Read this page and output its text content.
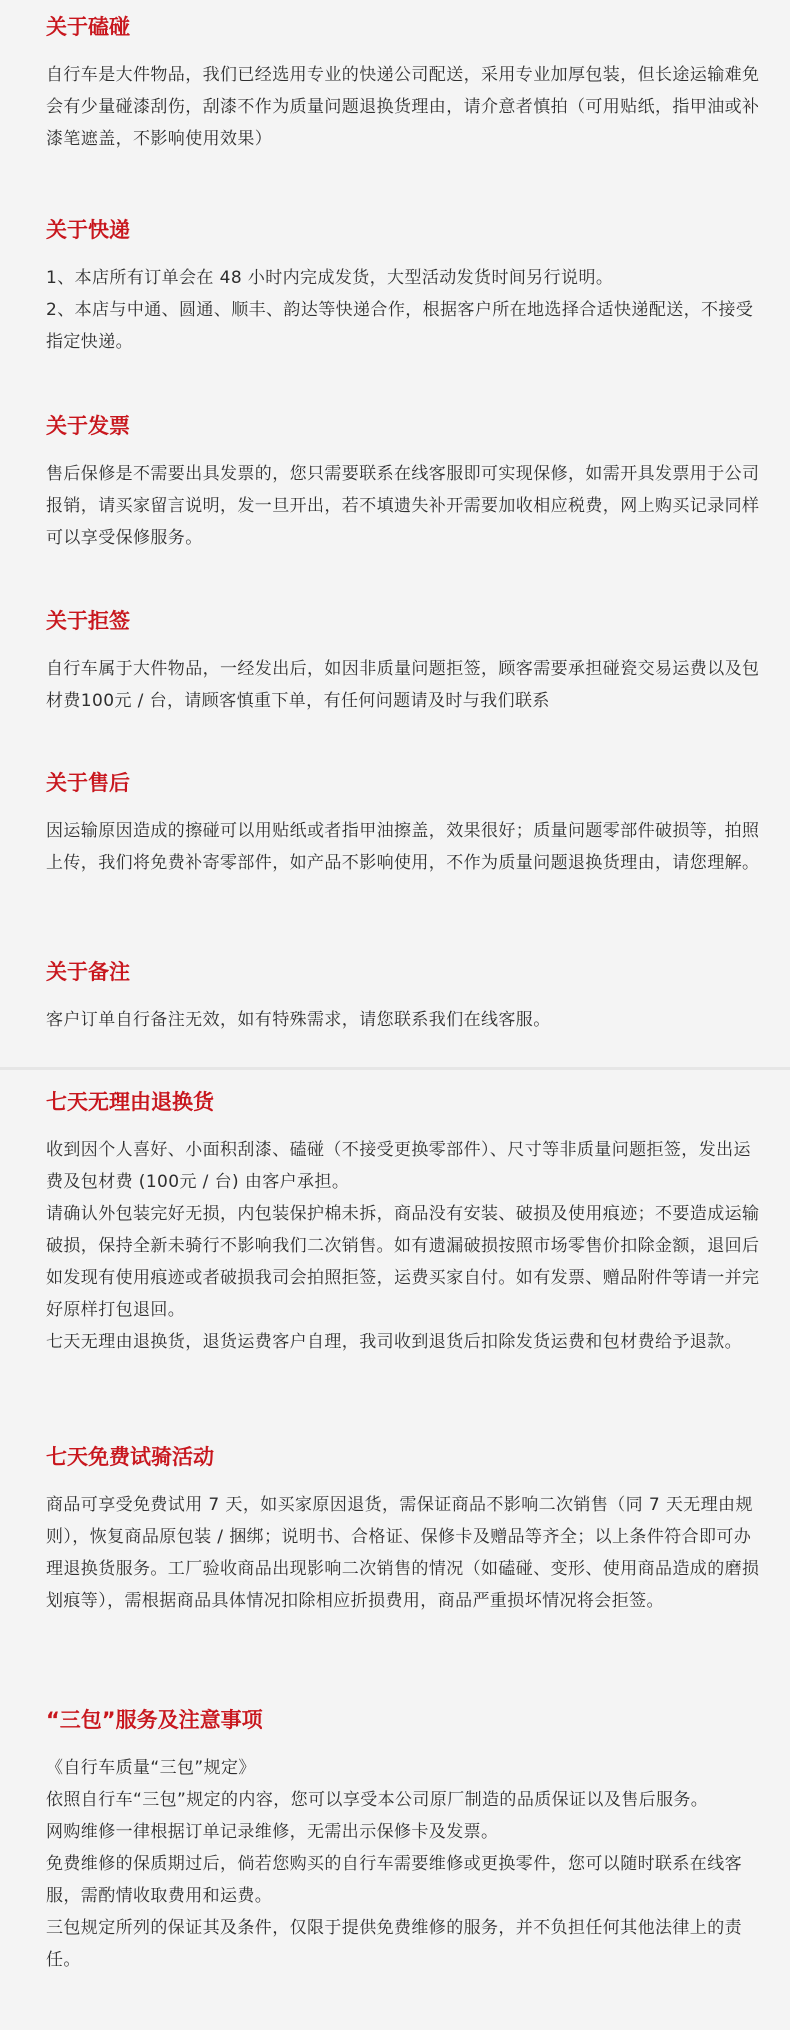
关于磕碰

自行车是大件物品，我们已经选用专业的快递公司配送，采用专业加厚包装，但长途运输难免会有少量碰漆刮伤，刮漆不作为质量问题退换货理由，请介意者慎拍（可用贴纸，指甲油或补漆笔遮盖，不影响使用效果）

关于快递

1、本店所有订单会在 48 小时内完成发货，大型活动发货时间另行说明。

2、本店与中通、圆通、顺丰、韵达等快递合作，根据客户所在地选择合适快递配送，不接受指定快递。

关于发票

售后保修是不需要出具发票的，您只需要联系在线客服即可实现保修，如需开具发票用于公司报销，请买家留言说明，发一旦开出，若不填遗失补开需要加收相应税费，网上购买记录同样可以享受保修服务。

关于拒签

自行车属于大件物品，一经发出后，如因非质量问题拒签，顾客需要承担碰瓷交易运费以及包材费100元 / 台，请顾客慎重下单，有任何问题请及时与我们联系

关于售后

因运输原因造成的擦碰可以用贴纸或者指甲油擦盖，效果很好；质量问题零部件破损等，拍照上传，我们将免费补寄零部件，如产品不影响使用，不作为质量问题退换货理由，请您理解。

关于备注

客户订单自行备注无效，如有特殊需求，请您联系我们在线客服。

七天无理由退换货

收到因个人喜好、小面积刮漆、磕碰（不接受更换零部件）、尺寸等非质量问题拒签，发出运费及包材费 (100元 / 台) 由客户承担。

请确认外包装完好无损，内包装保护棉未拆，商品没有安装、破损及使用痕迹；不要造成运输破损，保持全新未骑行不影响我们二次销售。如有遗漏破损按照市场零售价扣除金额，退回后如发现有使用痕迹或者破损我司会拍照拒签，运费买家自付。如有发票、赠品附件等请一并完好原样打包退回。

七天无理由退换货，退货运费客户自理，我司收到退货后扣除发货运费和包材费给予退款。

七天免费试骑活动

商品可享受免费试用 7 天，如买家原因退货，需保证商品不影响二次销售（同 7 天无理由规则），恢复商品原包装 / 捆绑；说明书、合格证、保修卡及赠品等齐全；以上条件符合即可办理退换货服务。工厂验收商品出现影响二次销售的情况（如磕碰、变形、使用商品造成的磨损划痕等），需根据商品具体情况扣除相应折损费用，商品严重损坏情况将会拒签。

“三包”服务及注意事项

《自行车质量“三包”规定》

依照自行车“三包”规定的内容，您可以享受本公司原厂制造的品质保证以及售后服务。

网购维修一律根据订单记录维修，无需出示保修卡及发票。

免费维修的保质期过后，倘若您购买的自行车需要维修或更换零件，您可以随时联系在线客服，需酌情收取费用和运费。

三包规定所列的保证其及条件，仅限于提供免费维修的服务，并不负担任何其他法律上的责任。
